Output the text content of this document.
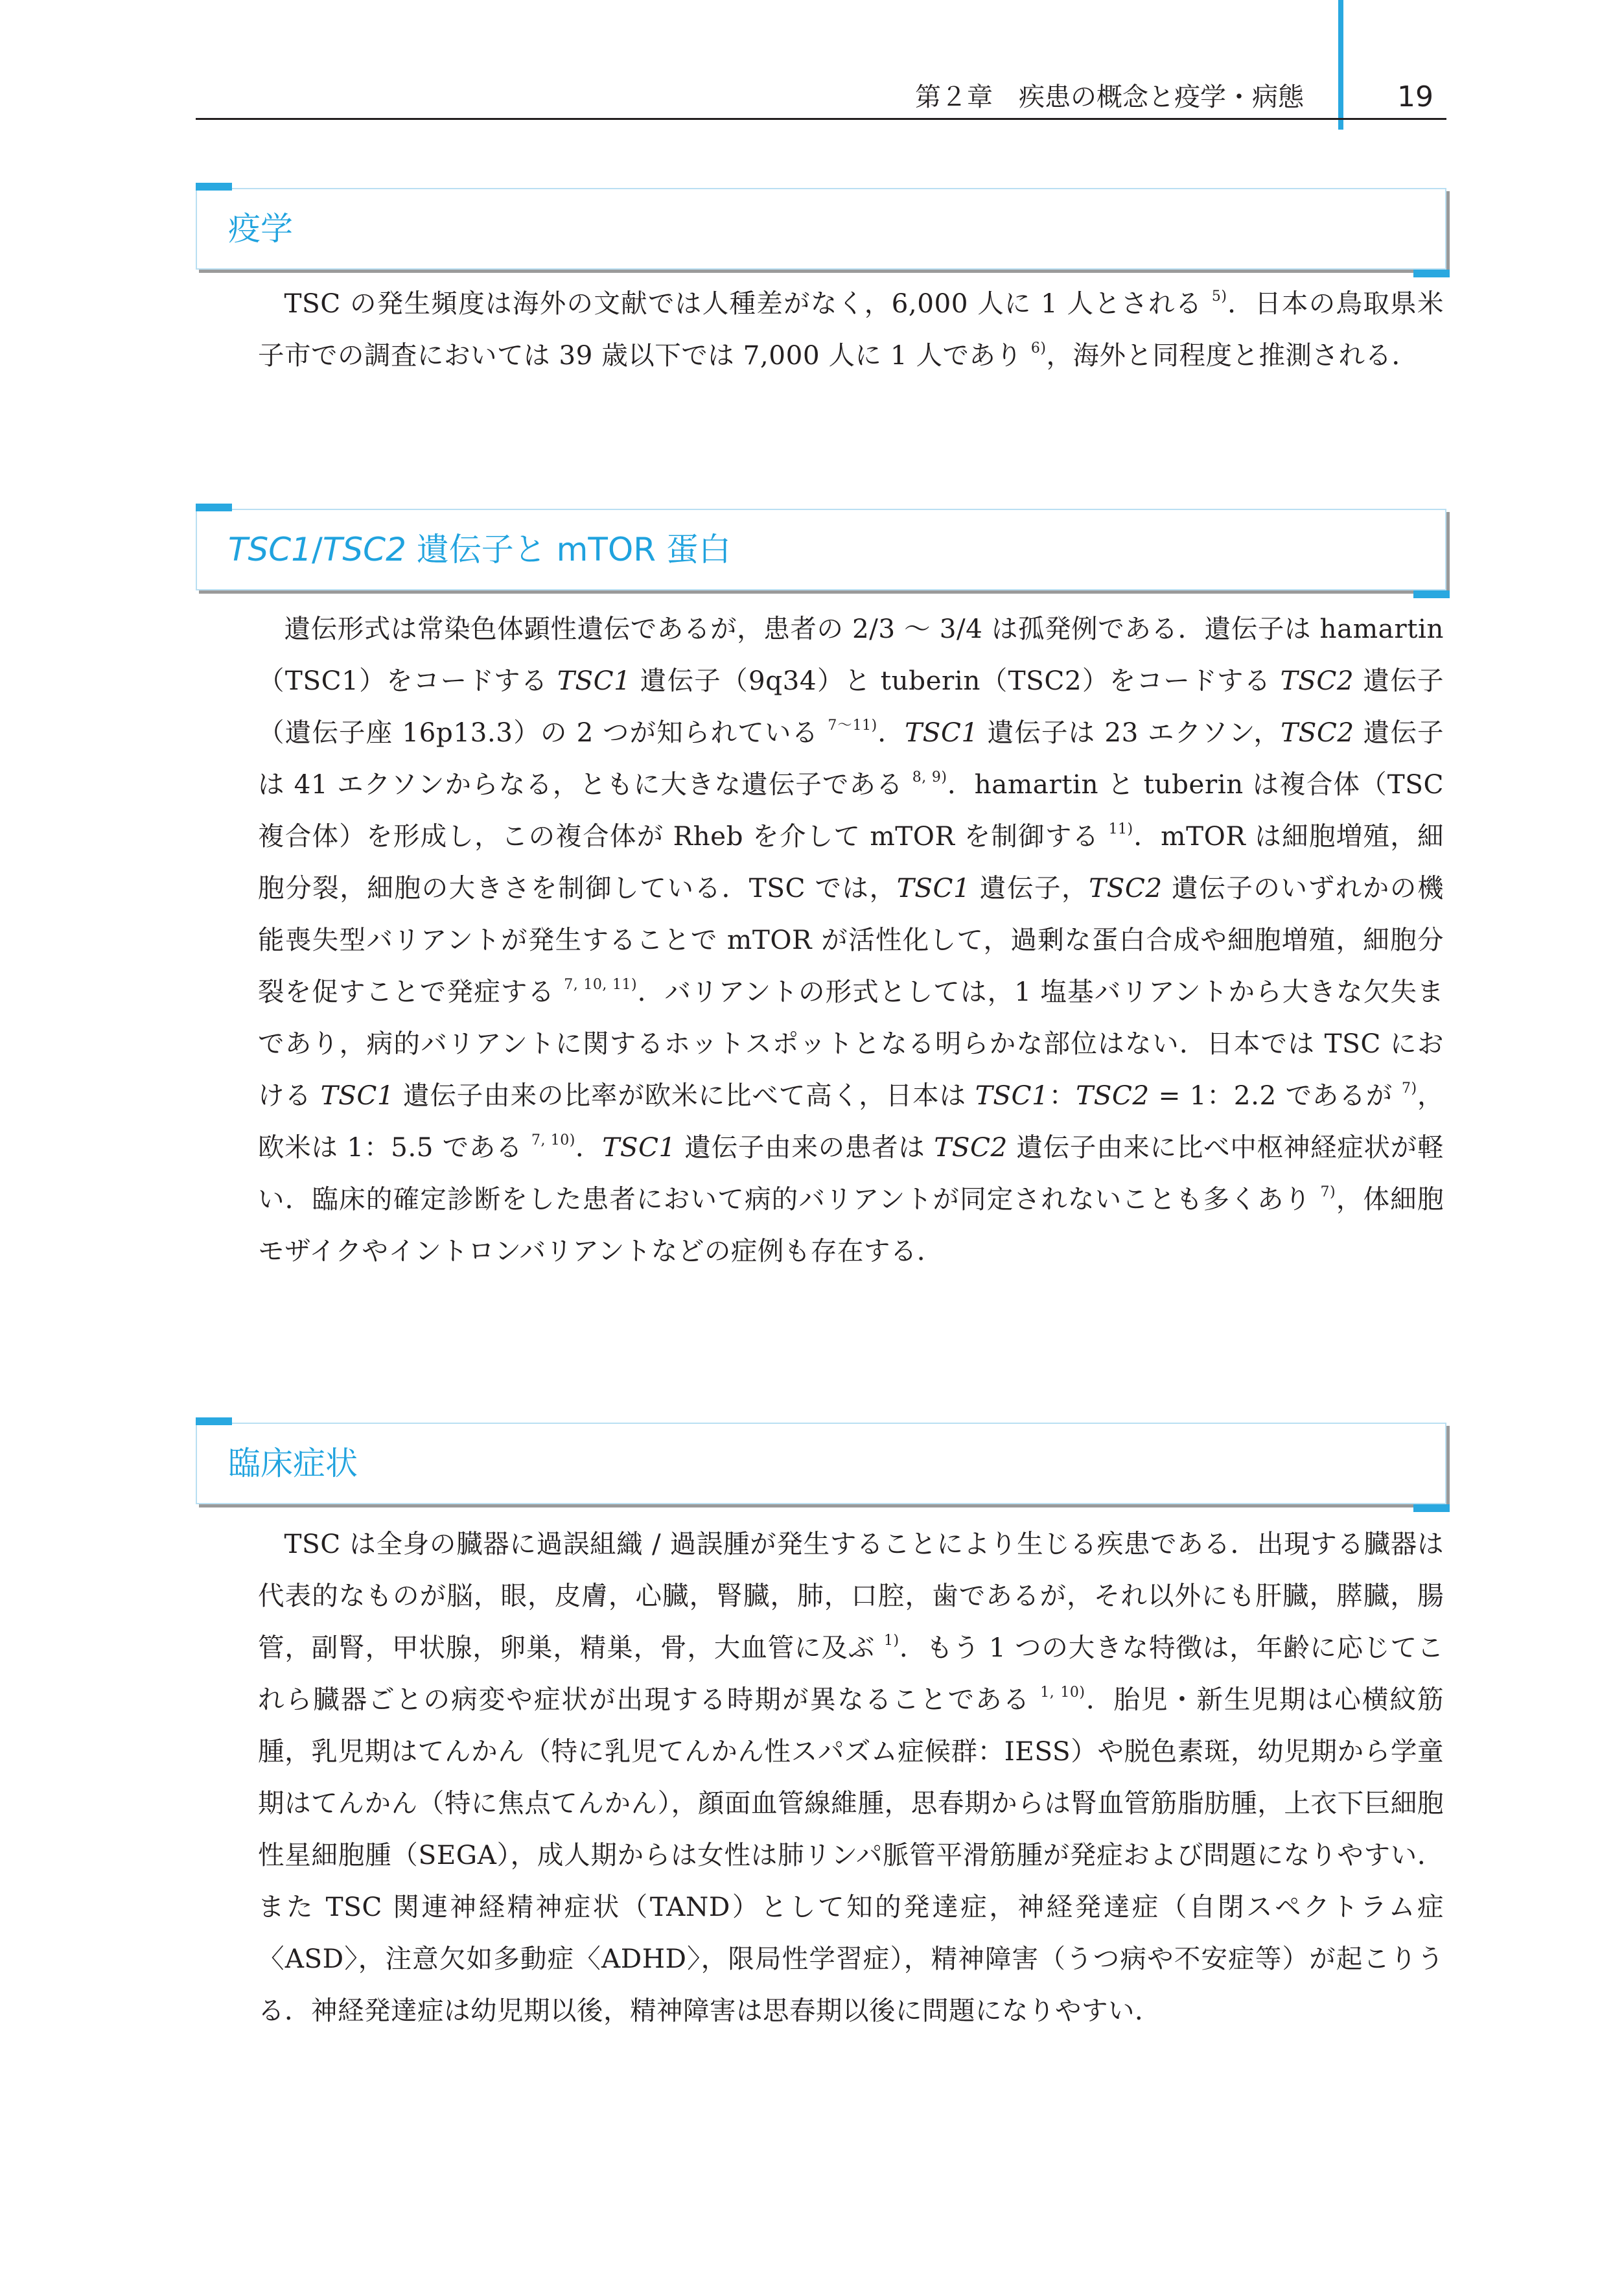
第２章　疾患の概念と疫学・病態	19
疫学

TSC の発生頻度は海外の文献では人種差がなく，6,000 人に 1 人とされる $^{5)}$．日本の鳥取県米子市での調査においては 39 歳以下では 7,000 人に 1 人であり $^{6)}$，海外と同程度と推測される．

TSC1/TSC2 遺伝子と mTOR 蛋白

遺伝形式は常染色体顕性遺伝であるが，患者の 2/3 〜 3/4 は孤発例である．遺伝子は hamartin（TSC1）をコードする TSC1 遺伝子（9q34）と tuberin（TSC2）をコードする TSC2 遺伝子（遺伝子座 16p13.3）の 2 つが知られている $^{7〜11)}$．TSC1 遺伝子は 23 エクソン，TSC2 遺伝子は 41 エクソンからなる，ともに大きな遺伝子である $^{8, 9)}$．hamartin と tuberin は複合体（TSC 複合体）を形成し，この複合体が Rheb を介して mTOR を制御する $^{11)}$．mTOR は細胞増殖，細胞分裂，細胞の大きさを制御している．TSC では，TSC1 遺伝子，TSC2 遺伝子のいずれかの機能喪失型バリアントが発生することで mTOR が活性化して，過剰な蛋白合成や細胞増殖，細胞分裂を促すことで発症する $^{7, 10, 11)}$．バリアントの形式としては，1 塩基バリアントから大きな欠失まであり，病的バリアントに関するホットスポットとなる明らかな部位はない．日本では TSC における TSC1 遺伝子由来の比率が欧米に比べて高く，日本は TSC1：TSC2 = 1：2.2 であるが $^{7)}$，欧米は 1：5.5 である $^{7, 10)}$．TSC1 遺伝子由来の患者は TSC2 遺伝子由来に比べ中枢神経症状が軽い．臨床的確定診断をした患者において病的バリアントが同定されないことも多くあり $^{7)}$，体細胞モザイクやイントロンバリアントなどの症例も存在する．

臨床症状

TSC は全身の臓器に過誤組織 / 過誤腫が発生することにより生じる疾患である．出現する臓器は代表的なものが脳，眼，皮膚，心臓，腎臓，肺，口腔，歯であるが，それ以外にも肝臓，膵臓，腸管，副腎，甲状腺，卵巣，精巣，骨，大血管に及ぶ $^{1)}$．もう 1 つの大きな特徴は，年齢に応じてこれら臓器ごとの病変や症状が出現する時期が異なることである $^{1, 10)}$．胎児・新生児期は心横紋筋腫，乳児期はてんかん（特に乳児てんかん性スパズム症候群：IESS）や脱色素斑，幼児期から学童期はてんかん（特に焦点てんかん），顔面血管線維腫，思春期からは腎血管筋脂肪腫，上衣下巨細胞性星細胞腫（SEGA），成人期からは女性は肺リンパ脈管平滑筋腫が発症および問題になりやすい．また TSC 関連神経精神症状（TAND）として知的発達症，神経発達症（自閉スペクトラム症〈ASD〉，注意欠如多動症〈ADHD〉，限局性学習症），精神障害（うつ病や不安症等）が起こりうる．神経発達症は幼児期以後，精神障害は思春期以後に問題になりやすい．
